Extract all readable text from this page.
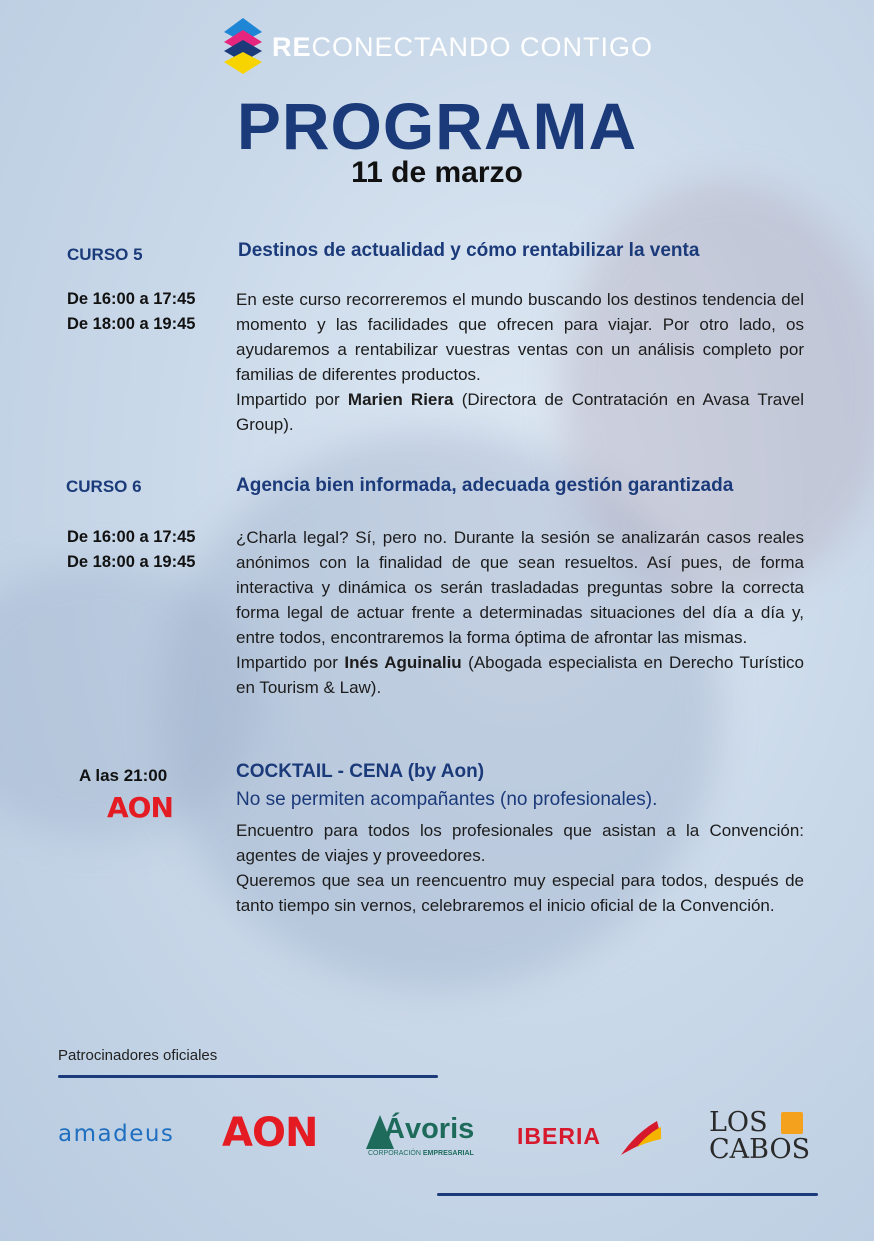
RECONECTANDO CONTIGO
PROGRAMA
11 de marzo
CURSO 5	Destinos de actualidad y cómo rentabilizar la venta
De 16:00 a 17:45
De 18:00 a 19:45

En este curso recorreremos el mundo buscando los destinos tendencia del momento y las facilidades que ofrecen para viajar. Por otro lado, os ayudaremos a rentabilizar vuestras ventas con un análisis completo por familias de diferentes productos.

Impartido por Marien Riera (Directora de Contratación en Avasa Travel Group).

CURSO 6	Agencia bien informada, adecuada gestión garantizada
De 16:00 a 17:45
De 18:00 a 19:45

¿Charla legal? Sí, pero no. Durante la sesión se analizarán casos reales anónimos con la finalidad de que sean resueltos. Así pues, de forma interactiva y dinámica os serán trasladadas preguntas sobre la correcta forma legal de actuar frente a determinadas situaciones del día a día y, entre todos, encontraremos la forma óptima de afrontar las mismas.

Impartido por Inés Aguinaliu (Abogada especialista en Derecho Turístico en Tourism & Law).

A las 21:00
AON
COCKTAIL - CENA (by Aon)
No se permiten acompañantes (no profesionales).

Encuentro para todos los profesionales que asistan a la Convención: agentes de viajes y proveedores.

Queremos que sea un reencuentro muy especial para todos, después de tanto tiempo sin vernos, celebraremos el inicio oficial de la Convención.

Patrocinadores oficiales
amadeus AON Ávoris
CORPORACIÓN EMPRESARIAL
IBERIA	LOS
CABOS
